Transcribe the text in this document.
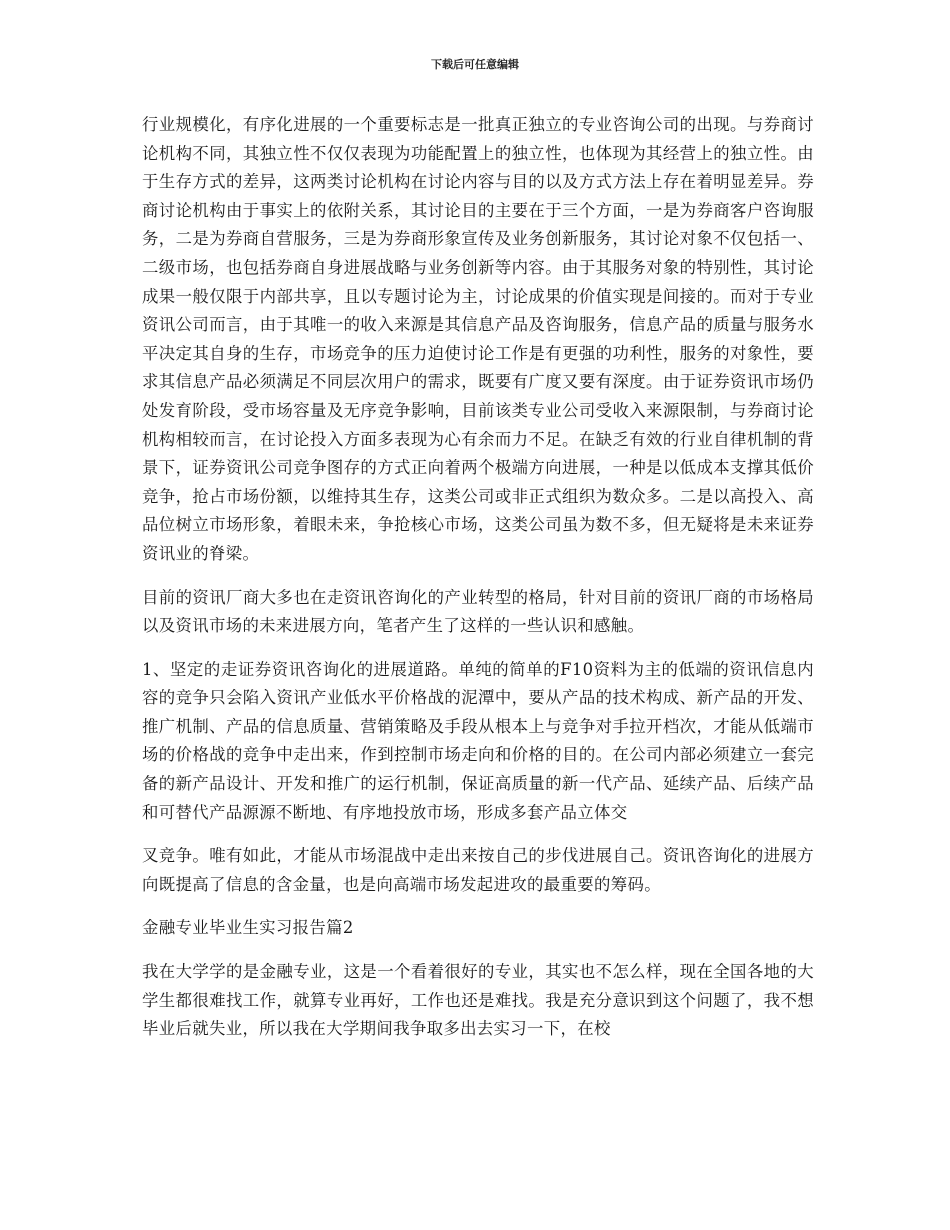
下载后可任意编辑

行业规模化，有序化进展的一个重要标志是一批真正独立的专业咨询公司的出现。与券商讨论机构不同，其独立性不仅仅表现为功能配置上的独立性，也体现为其经营上的独立性。由于生存方式的差异，这两类讨论机构在讨论内容与目的以及方式方法上存在着明显差异。券商讨论机构由于事实上的依附关系，其讨论目的主要在于三个方面，一是为券商客户咨询服务，二是为券商自营服务，三是为券商形象宣传及业务创新服务，其讨论对象不仅包括一、二级市场，也包括券商自身进展战略与业务创新等内容。由于其服务对象的特别性，其讨论成果一般仅限于内部共享，且以专题讨论为主，讨论成果的价值实现是间接的。而对于专业资讯公司而言，由于其唯一的收入来源是其信息产品及咨询服务，信息产品的质量与服务水平决定其自身的生存，市场竞争的压力迫使讨论工作是有更强的功利性，服务的对象性，要求其信息产品必须满足不同层次用户的需求，既要有广度又要有深度。由于证券资讯市场仍处发育阶段，受市场容量及无序竞争影响，目前该类专业公司受收入来源限制，与券商讨论机构相较而言，在讨论投入方面多表现为心有余而力不足。在缺乏有效的行业自律机制的背景下，证券资讯公司竞争图存的方式正向着两个极端方向进展，一种是以低成本支撑其低价竞争，抢占市场份额，以维持其生存，这类公司或非正式组织为数众多。二是以高投入、高品位树立市场形象，着眼未来，争抢核心市场，这类公司虽为数不多，但无疑将是未来证券资讯业的脊梁。

目前的资讯厂商大多也在走资讯咨询化的产业转型的格局，针对目前的资讯厂商的市场格局以及资讯市场的未来进展方向，笔者产生了这样的一些认识和感触。

1、坚定的走证券资讯咨询化的进展道路。单纯的简单的F10资料为主的低端的资讯信息内容的竞争只会陷入资讯产业低水平价格战的泥潭中，要从产品的技术构成、新产品的开发、推广机制、产品的信息质量、营销策略及手段从根本上与竞争对手拉开档次，才能从低端市场的价格战的竞争中走出来，作到控制市场走向和价格的目的。在公司内部必须建立一套完备的新产品设计、开发和推广的运行机制，保证高质量的新一代产品、延续产品、后续产品和可替代产品源源不断地、有序地投放市场，形成多套产品立体交

叉竞争。唯有如此，才能从市场混战中走出来按自己的步伐进展自己。资讯咨询化的进展方向既提高了信息的含金量，也是向高端市场发起进攻的最重要的筹码。

金融专业毕业生实习报告篇2

我在大学学的是金融专业，这是一个看着很好的专业，其实也不怎么样，现在全国各地的大学生都很难找工作，就算专业再好，工作也还是难找。我是充分意识到这个问题了，我不想毕业后就失业，所以我在大学期间我争取多出去实习一下，在校
